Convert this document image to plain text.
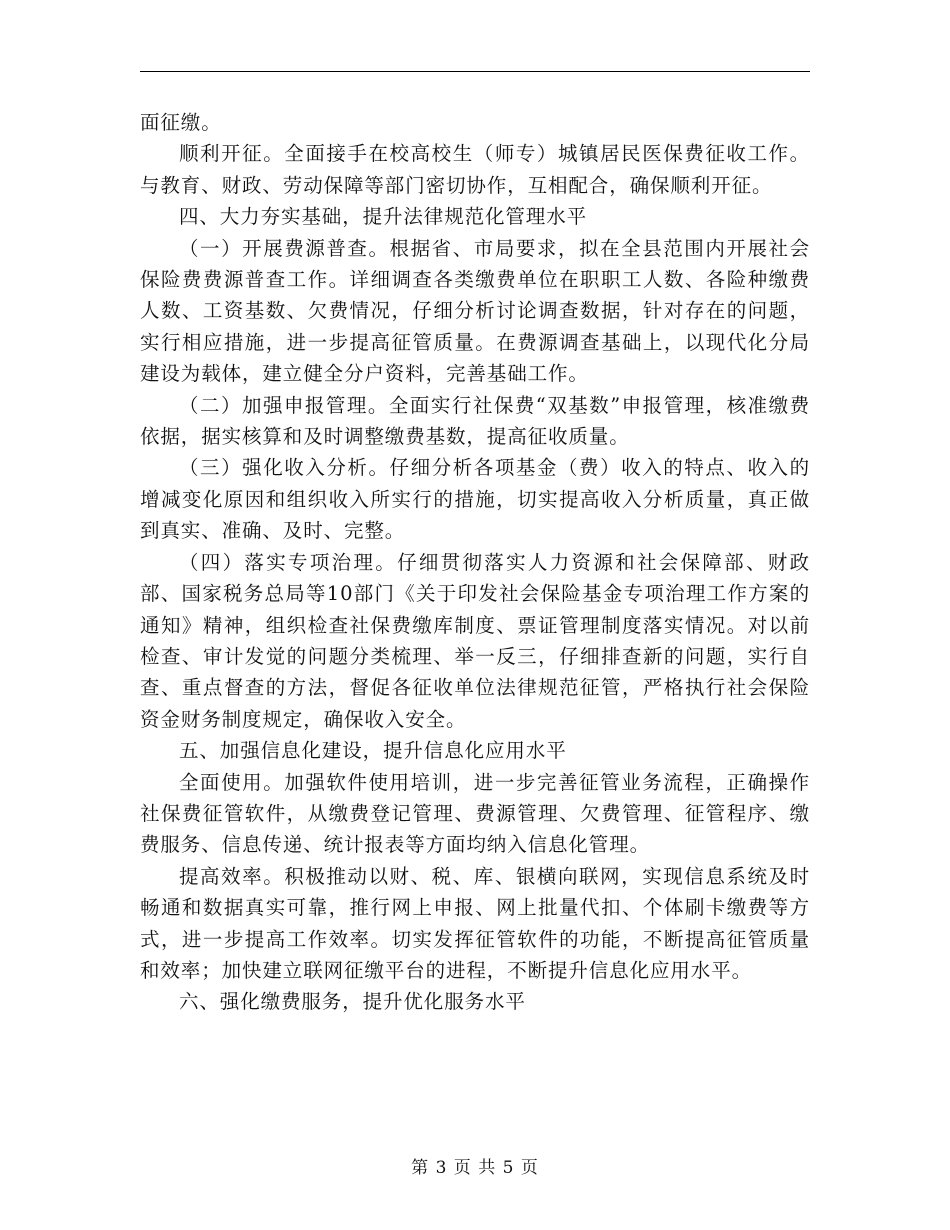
面征缴。

顺利开征。全面接手在校高校生（师专）城镇居民医保费征收工作。与教育、财政、劳动保障等部门密切协作，互相配合，确保顺利开征。

四、大力夯实基础，提升法律规范化管理水平

（一）开展费源普查。根据省、市局要求，拟在全县范围内开展社会保险费费源普查工作。详细调查各类缴费单位在职职工人数、各险种缴费人数、工资基数、欠费情况，仔细分析讨论调查数据，针对存在的问题，实行相应措施，进一步提高征管质量。在费源调查基础上，以现代化分局建设为载体，建立健全分户资料，完善基础工作。

（二）加强申报管理。全面实行社保费“双基数”申报管理，核准缴费依据，据实核算和及时调整缴费基数，提高征收质量。

（三）强化收入分析。仔细分析各项基金（费）收入的特点、收入的增减变化原因和组织收入所实行的措施，切实提高收入分析质量，真正做到真实、准确、及时、完整。

（四）落实专项治理。仔细贯彻落实人力资源和社会保障部、财政部、国家税务总局等10部门《关于印发社会保险基金专项治理工作方案的通知》精神，组织检查社保费缴库制度、票证管理制度落实情况。对以前检查、审计发觉的问题分类梳理、举一反三，仔细排查新的问题，实行自查、重点督查的方法，督促各征收单位法律规范征管，严格执行社会保险资金财务制度规定，确保收入安全。

五、加强信息化建设，提升信息化应用水平

全面使用。加强软件使用培训，进一步完善征管业务流程，正确操作社保费征管软件，从缴费登记管理、费源管理、欠费管理、征管程序、缴费服务、信息传递、统计报表等方面均纳入信息化管理。

提高效率。积极推动以财、税、库、银横向联网，实现信息系统及时畅通和数据真实可靠，推行网上申报、网上批量代扣、个体刷卡缴费等方式，进一步提高工作效率。切实发挥征管软件的功能，不断提高征管质量和效率；加快建立联网征缴平台的进程，不断提升信息化应用水平。

六、强化缴费服务，提升优化服务水平

第 3 页 共 5 页
